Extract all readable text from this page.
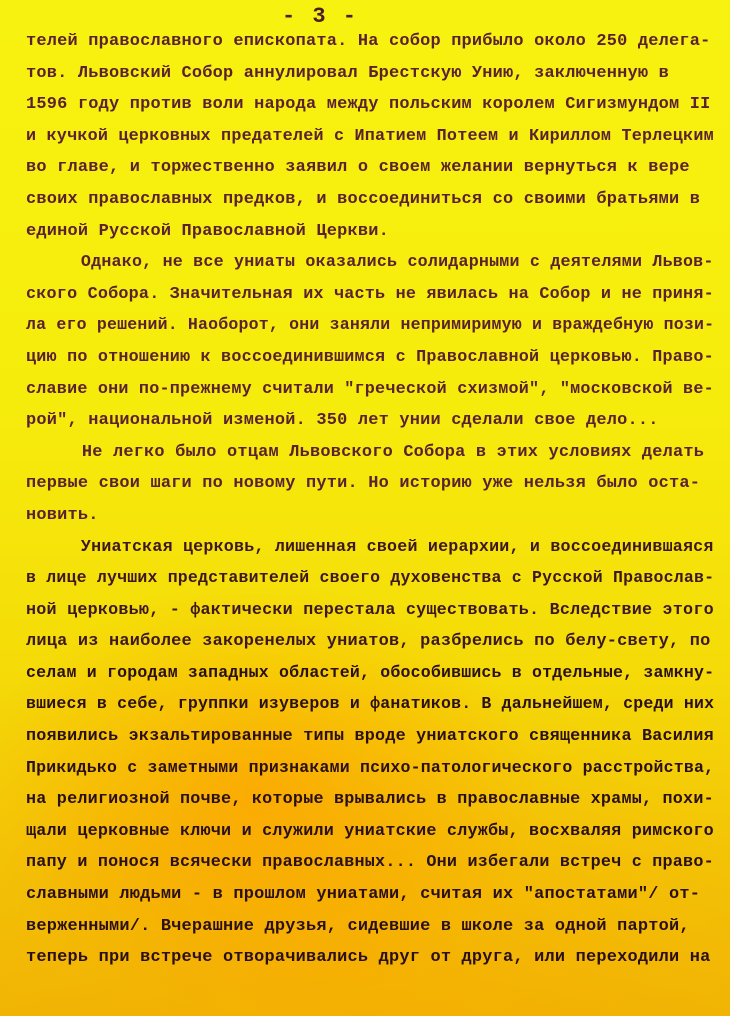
- 3 -
телей православного епископата. На собор прибыло около 250 делега-
тов. Львовский Собор аннулировал Брестскую Унию, заключенную в
1596 году против воли народа между польским королем Сигизмундом II
и кучкой церковных предателей с Ипатием Потеем и Кириллом Терлецким
во главе, и торжественно заявил о своем желании вернуться к вере
своих православных предков, и воссоединиться со своими братьями в
единой Русской Православной Церкви.
Однако, не все униаты оказались солидарными с деятелями Львов-
ского Собора. Значительная их часть не явилась на Собор и не приня-
ла его решений. Наоборот, они заняли непримиримую и враждебную пози-
цию по отношению к воссоединившимся с Православной церковью. Право-
славие они по-прежнему считали "греческой схизмой", "московской ве-
рой", национальной изменой. 350 лет унии сделали свое дело...
Не легко было отцам Львовского Собора в этих условиях делать
первые свои шаги по новому пути. Но историю уже нельзя было оста-
новить.
Униатская церковь, лишенная своей иерархии, и воссоединившаяся
в лице лучших представителей своего духовенства с Русской Православ-
ной церковью, - фактически перестала существовать. Вследствие этого
лица из наиболее закоренелых униатов, разбрелись по белу-свету, по
селам и городам западных областей, обособившись в отдельные, замкну-
вшиеся в себе, группки изуверов и фанатиков. В дальнейшем, среди них
появились экзальтированные типы вроде униатского священника Василия
Прикидько с заметными признаками психо-патологического расстройства,
на религиозной почве, которые врывались в православные храмы, похи-
щали церковные ключи и служили униатские службы, восхваляя римского
папу и понося всячески православных... Они избегали встреч с право-
славными людьми - в прошлом униатами, считая их "апостатами"/ от-
верженными/. Вчерашние друзья, сидевшие в школе за одной партой,
теперь при встрече отворачивались друг от друга, или переходили на
